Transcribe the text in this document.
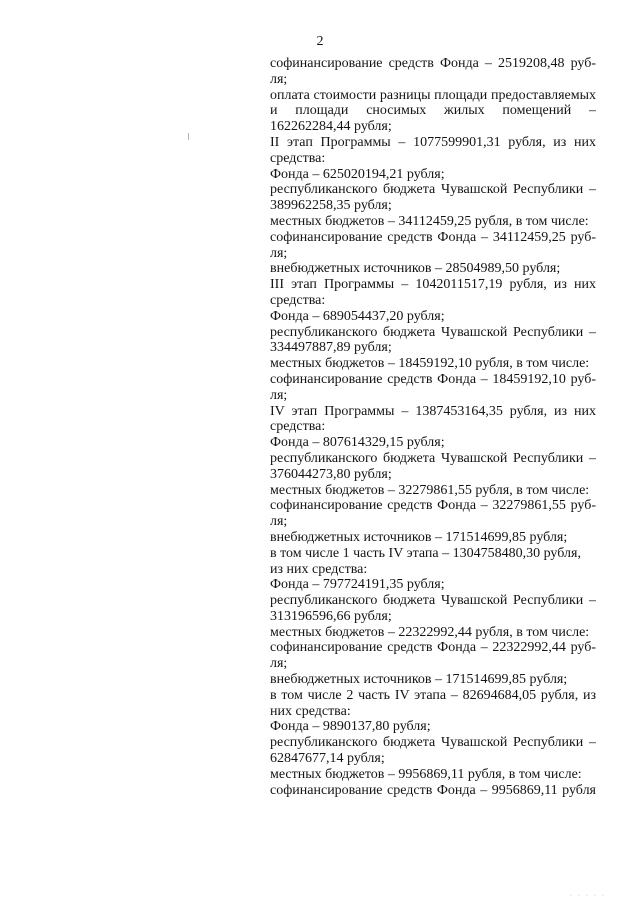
2
софинансирование средств Фонда – 2519208,48 руб-
ля;
оплата стоимости разницы площади предоставляемых
и площади сносимых жилых помещений –
162262284,44 рубля;
II этап Программы – 1077599901,31 рубля, из них
средства:
Фонда – 625020194,21 рубля;
республиканского бюджета Чувашской Республики –
389962258,35 рубля;
местных бюджетов – 34112459,25 рубля, в том числе:
софинансирование средств Фонда – 34112459,25 руб-
ля;
внебюджетных источников – 28504989,50 рубля;
III этап Программы – 1042011517,19 рубля, из них
средства:
Фонда – 689054437,20 рубля;
республиканского бюджета Чувашской Республики –
334497887,89 рубля;
местных бюджетов – 18459192,10 рубля, в том числе:
софинансирование средств Фонда – 18459192,10 руб-
ля;
IV этап Программы – 1387453164,35 рубля, из них
средства:
Фонда – 807614329,15 рубля;
республиканского бюджета Чувашской Республики –
376044273,80 рубля;
местных бюджетов – 32279861,55 рубля, в том числе:
софинансирование средств Фонда – 32279861,55 руб-
ля;
внебюджетных источников – 171514699,85 рубля;
в том числе 1 часть IV этапа – 1304758480,30 рубля,
из них средства:
Фонда – 797724191,35 рубля;
республиканского бюджета Чувашской Республики –
313196596,66 рубля;
местных бюджетов – 22322992,44 рубля, в том числе:
софинансирование средств Фонда – 22322992,44 руб-
ля;
внебюджетных источников – 171514699,85 рубля;
в том числе 2 часть IV этапа – 82694684,05 рубля, из
них средства:
Фонда – 9890137,80 рубля;
республиканского бюджета Чувашской Республики –
62847677,14 рубля;
местных бюджетов – 9956869,11 рубля, в том числе:
софинансирование средств Фонда – 9956869,11 рубля
·····
